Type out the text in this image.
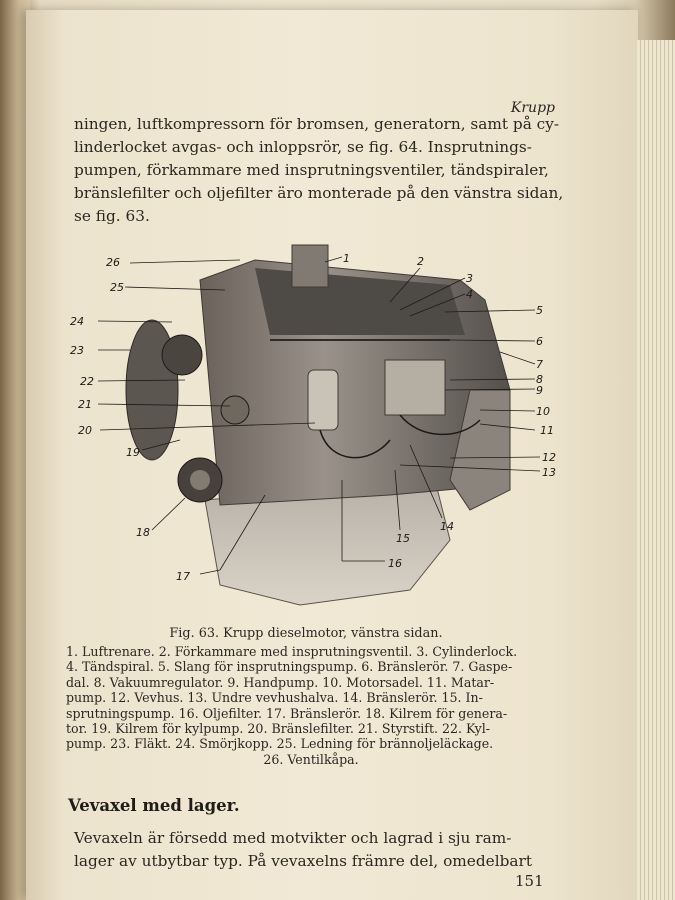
Krupp

ningen, luftkompressorn för bromsen, generatorn, samt på cy-
linderlocket avgas- och inloppsrör, se fig. 64. Insprutnings-
pumpen, förkammare med insprutningsventiler, tändspiraler,
bränslefilter och oljefilter äro monterade på den vänstra sidan,
se fig. 63.

1	2
3
4
5
6
7
8
9
10
11
12
13
14
15
16
17
18
19
20
21
22
23
24
25
26
Fig. 63. Krupp dieselmotor, vänstra sidan.
1. Luftrenare. 2. Förkammare med insprutningsventil. 3. Cylinderlock.
4. Tändspiral. 5. Slang för insprutningspump. 6. Bränslerör. 7. Gaspe-
dal. 8. Vakuumregulator. 9. Handpump. 10. Motorsadel. 11. Matar-
pump. 12. Vevhus. 13. Undre vevhushalva. 14. Bränslerör. 15. In-
sprutningspump. 16. Oljefilter. 17. Bränslerör. 18. Kilrem för genera-
tor. 19. Kilrem för kylpump. 20. Bränslefilter. 21. Styrstift. 22. Kyl-
pump. 23. Fläkt. 24. Smörjkopp. 25. Ledning för brännoljeläckage.
26. Ventilkåpa.
Vevaxel med lager.

Vevaxeln är försedd med motvikter och lagrad i sju ram-
lager av utbytbar typ. På vevaxelns främre del, omedelbart

151
